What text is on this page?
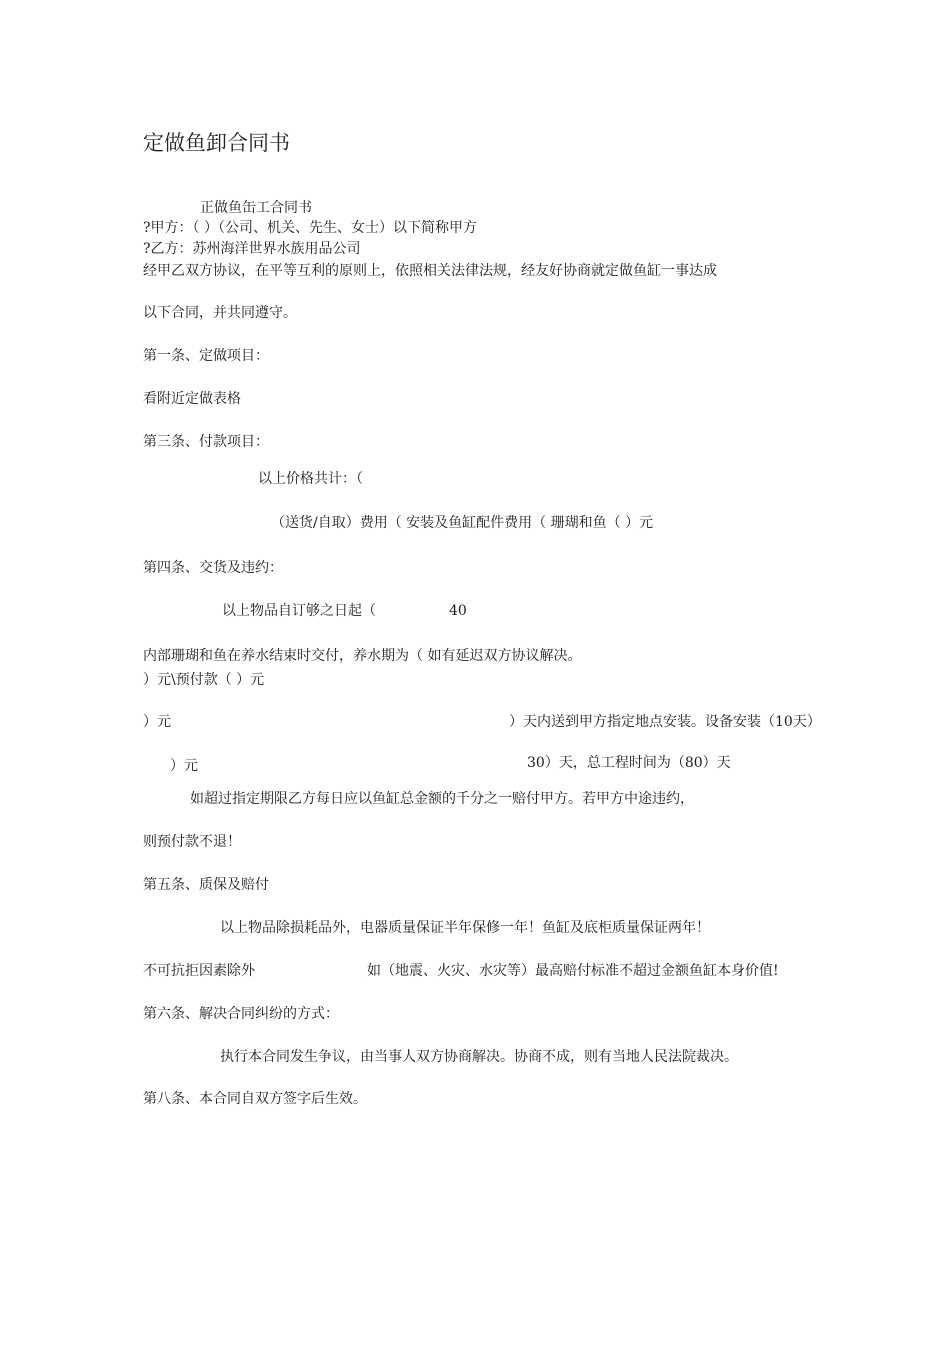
定做鱼卸合同书
正做鱼缶工合同书
?甲方：（ ）（公司、机关、先生、女士）以下简称甲方
?乙方：苏州海洋世界水族用品公司
经甲乙双方协议，在平等互利的原则上，依照相关法律法规，经友好协商就定做鱼缸一事达成
以下合同，并共同遵守。
第一条、定做项目：
看附近定做表格
第三条、付款项目：
以上价格共计：（
（送货/自取）费用（ 安装及鱼缸配件费用（ 珊瑚和鱼（ ）元
第四条、交货及违约：
以上物品自订够之日起（	40
内部珊瑚和鱼在养水结束时交付，养水期为（ 如有延迟双方协议解决。
）元\预付款（ ）元
）元	）天内送到甲方指定地点安装。设备安装（10天）
）元	30）天，总工程时间为（80）天
如超过指定期限乙方每日应以鱼缸总金额的千分之一赔付甲方。若甲方中途违约，
则预付款不退！
第五条、质保及赔付
以上物品除损耗品外，电器质量保证半年保修一年！鱼缸及底柜质量保证两年！
不可抗拒因素除外	如（地震、火灾、水灾等）最高赔付标准不超过金额鱼缸本身价值!
第六条、解决合同纠纷的方式：
执行本合同发生争议，由当事人双方协商解决。协商不成，则有当地人民法院裁决。
第八条、本合同自双方签字后生效。
